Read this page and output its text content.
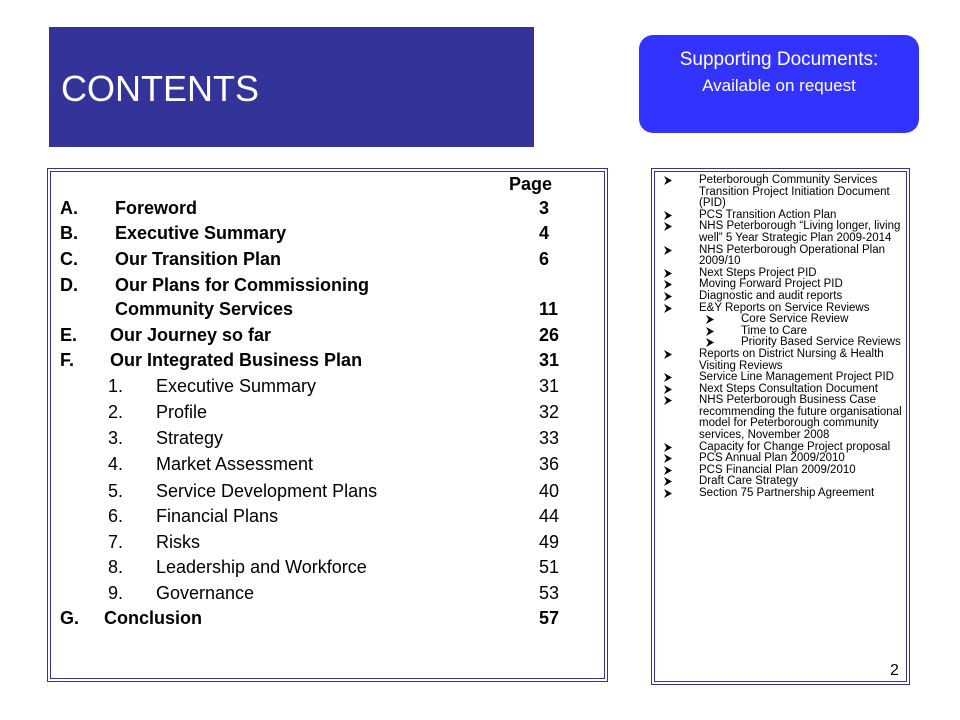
CONTENTS
Supporting Documents:
Available on request
Page
A. Foreword	3
B. Executive Summary	4
C. Our Transition Plan	6
D. Our Plans for Commissioning
Community Services	11
E. Our Journey so far	26
F. Our Integrated Business Plan	31
1. Executive Summary	31
2. Profile	32
3. Strategy	33
4. Market Assessment	36
5. Service Development Plans	40
6. Financial Plans	44
7. Risks	49
8. Leadership and Workforce	51
9. Governance	53
G. Conclusion	57
Peterborough Community Services Transition Project Initiation Document (PID)
PCS Transition Action Plan
NHS Peterborough “Living longer, living well” 5 Year Strategic Plan 2009-2014
NHS Peterborough Operational Plan 2009/10
Next Steps Project PID
Moving Forward Project PID
Diagnostic and audit reports
E&Y Reports on Service Reviews
Core Service Review
Time to Care
Priority Based Service Reviews
Reports on District Nursing & Health Visiting Reviews
Service Line Management Project PID
Next Steps Consultation Document
NHS Peterborough Business Case recommending the future organisational model for Peterborough community services, November 2008
Capacity for Change Project proposal
PCS Annual Plan 2009/2010
PCS Financial Plan 2009/2010
Draft Care Strategy
Section 75 Partnership Agreement
2
